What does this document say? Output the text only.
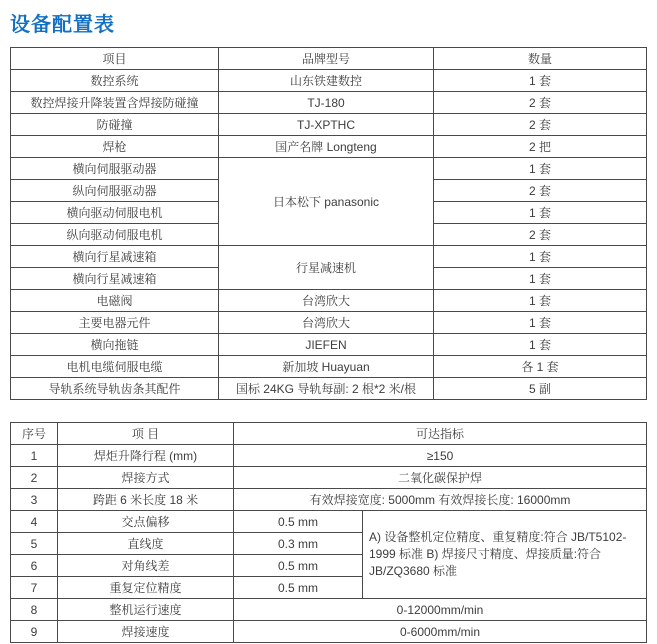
设备配置表
项目	品牌型号	数量
数控系统	山东铁建数控	1 套
数控焊接升降装置含焊接防碰撞	TJ-180	2 套
防碰撞	TJ-XPTHC	2 套
焊枪	国产名牌 Longteng	2 把
横向伺服驱动器	日本松下 panasonic	1 套
纵向伺服驱动器		2 套
横向驱动伺服电机		1 套
纵向驱动伺服电机		2 套
横向行星减速箱	行星减速机	1 套
横向行星减速箱		1 套
电磁阀	台湾欣大	1 套
主要电器元件	台湾欣大	1 套
横向拖链	JIEFEN	1 套
电机电缆伺服电缆	新加坡 Huayuan	各 1 套
导轨系统导轨齿条其配件	国标 24KG 导轨每副: 2 根*2 米/根	5 副
序号	项 目	可达指标	
1	焊炬升降行程 (mm)	≥150	
2	焊接方式	二氧化碳保护焊	
3	跨距 6 米长度 18 米	有效焊接宽度: 5000mm 有效焊接长度: 16000mm	
4	交点偏移	0.5 mm	A) 设备整机定位精度、重复精度:符合 JB/T5102-1999 标准 B) 焊接尺寸精度、焊接质量:符合 JB/ZQ3680 标准
5	直线度	0.3 mm	
6	对角线差	0.5 mm	
7	重复定位精度	0.5 mm	
8	整机运行速度	0-12000mm/min	
9	焊接速度	0-6000mm/min	
